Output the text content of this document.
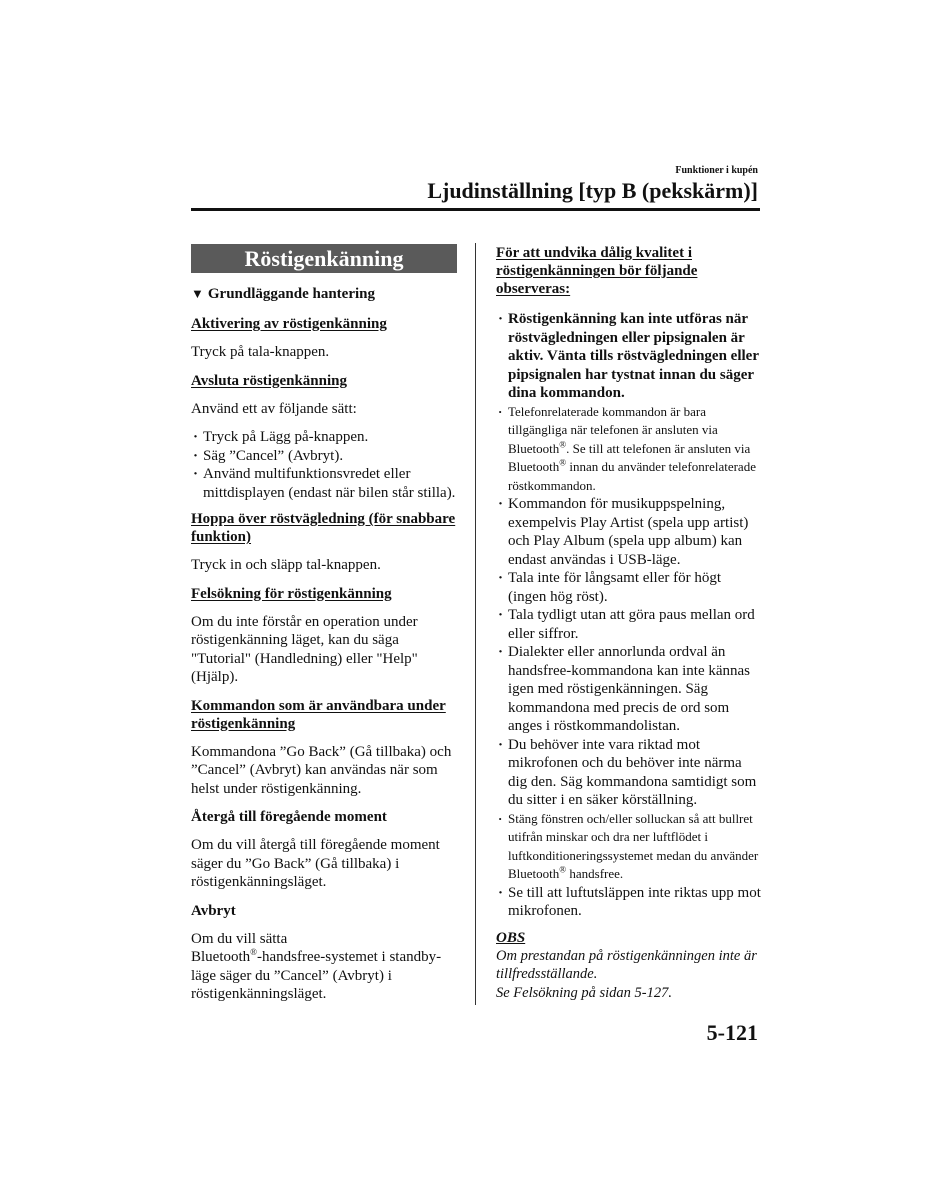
Funktioner i kupén
Ljudinställning [typ B (pekskärm)]
Röstigenkänning
▼ Grundläggande hantering
Aktivering av röstigenkänning
Tryck på tala-knappen.
Avsluta röstigenkänning
Använd ett av följande sätt:
· Tryck på Lägg på-knappen.
· Säg ”Cancel” (Avbryt).
· Använd multifunktionsvredet eller mittdisplayen (endast när bilen står stilla).
Hoppa över röstvägledning (för snabbare funktion)
Tryck in och släpp tal-knappen.
Felsökning för röstigenkänning
Om du inte förstår en operation under röstigenkänning läget, kan du säga "Tutorial" (Handledning) eller "Help" (Hjälp).
Kommandon som är användbara under röstigenkänning
Kommandona ”Go Back” (Gå tillbaka) och ”Cancel” (Avbryt) kan användas när som helst under röstigenkänning.
Återgå till föregående moment
Om du vill återgå till föregående moment säger du ”Go Back” (Gå tillbaka) i röstigenkänningsläget.
Avbryt
Om du vill sätta
Bluetooth®-handsfree-systemet i standby-läge säger du ”Cancel” (Avbryt) i röstigenkänningsläget.
För att undvika dålig kvalitet i röstigenkänningen bör följande observeras:
· Röstigenkänning kan inte utföras när röstvägledningen eller pipsignalen är aktiv. Vänta tills röstvägledningen eller pipsignalen har tystnat innan du säger dina kommandon.
· Telefonrelaterade kommandon är bara tillgängliga när telefonen är ansluten via Bluetooth®. Se till att telefonen är ansluten via Bluetooth® innan du använder telefonrelaterade röstkommandon.
· Kommandon för musikuppspelning, exempelvis Play Artist (spela upp artist) och Play Album (spela upp album) kan endast användas i USB-läge.
· Tala inte för långsamt eller för högt (ingen hög röst).
· Tala tydligt utan att göra paus mellan ord eller siffror.
· Dialekter eller annorlunda ordval än handsfree-kommandona kan inte kännas igen med röstigenkänningen. Säg kommandona med precis de ord som anges i röstkommandolistan.
· Du behöver inte vara riktad mot mikrofonen och du behöver inte närma dig den. Säg kommandona samtidigt som du sitter i en säker körställning.
· Stäng fönstren och/eller solluckan så att bullret utifrån minskar och dra ner luftflödet i luftkonditioneringssystemet medan du använder Bluetooth® handsfree.
· Se till att luftutsläppen inte riktas upp mot mikrofonen.
OBS

Om prestandan på röstigenkänningen inte är tillfredsställande.

Se Felsökning på sidan 5-127.

5-121
